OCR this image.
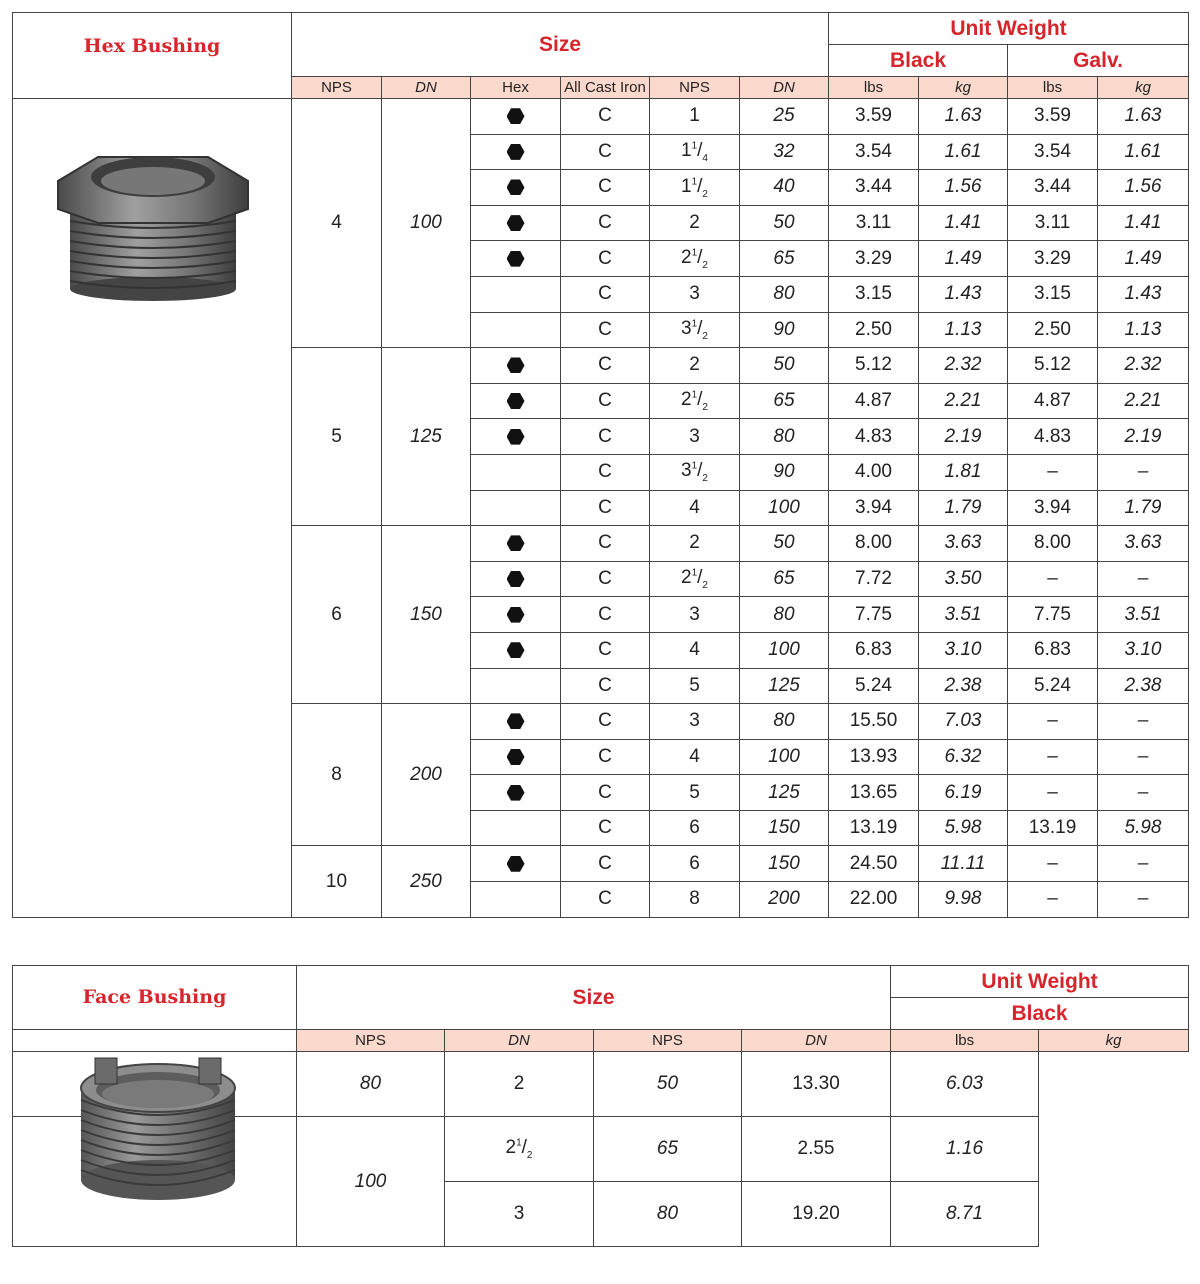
Hex Bushing	Size						Unit Weight			
							Black		Galv.	
	NPS	DN	Hex	All Cast Iron	NPS	DN	lbs	kg	lbs	kg

	4	100		C	1	25	3.59	1.63	3.59	1.63
				C	$1^1/_4$	32	3.54	1.61	3.54	1.61
				C	$1^1/_2$	40	3.44	1.56	3.44	1.56
				C	2	50	3.11	1.41	3.11	1.41
				C	$2^1/_2$	65	3.29	1.49	3.29	1.49
				C	3	80	3.15	1.43	3.15	1.43
				C	$3^1/_2$	90	2.50	1.13	2.50	1.13
	5	125		C	2	50	5.12	2.32	5.12	2.32
				C	$2^1/_2$	65	4.87	2.21	4.87	2.21
				C	3	80	4.83	2.19	4.83	2.19
				C	$3^1/_2$	90	4.00	1.81	–	–
				C	4	100	3.94	1.79	3.94	1.79
	6	150		C	2	50	8.00	3.63	8.00	3.63
				C	$2^1/_2$	65	7.72	3.50	–	–
				C	3	80	7.75	3.51	7.75	3.51
				C	4	100	6.83	3.10	6.83	3.10
				C	5	125	5.24	2.38	5.24	2.38
	8	200		C	3	80	15.50	7.03	–	–
				C	4	100	13.93	6.32	–	–
				C	5	125	13.65	6.19	–	–
				C	6	150	13.19	5.98	13.19	5.98
	10	250		C	6	150	24.50	11.11	–	–
				C	8	200	22.00	9.98	–	–
Face Bushing	Size				Unit Weight	
					Black	

	NPS	DN	NPS	DN	lbs	kg
	80	2	50	13.30	6.03	
	100	$2^1/_2$	65	2.55	1.16	
		3	80	19.20	8.71	
